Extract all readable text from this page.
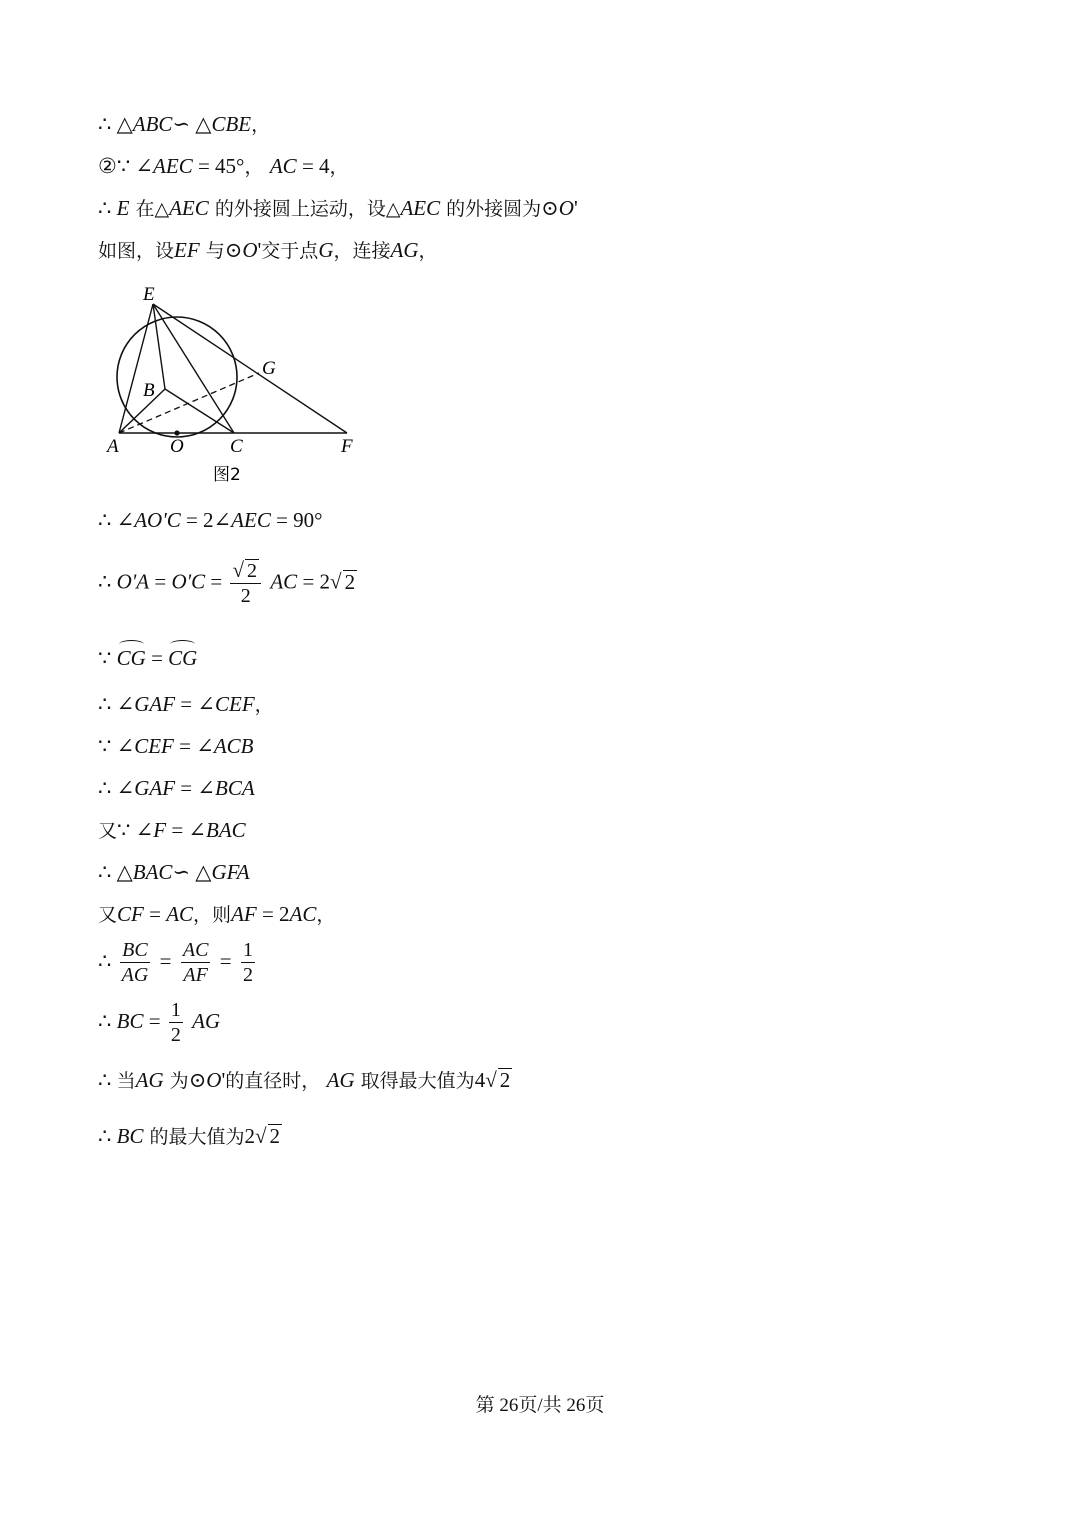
∴ △ABC∽ △CBE，
②∵ ∠AEC = 45°， AC = 4，
∴ E 在△AEC 的外接圆上运动，设△AEC 的外接圆为⊙O'
如图，设EF 与⊙O'交于点G，连接AG，
E
B
G
A	O C	F
图2
∴ ∠AO'C = 2∠AEC = 90°
∴ $O'A = O'C = \frac{√ 2}{2}$ AC = 2√ 2
∵ CG = CG
∴ ∠GAF = ∠CEF，
∵ ∠CEF = ∠ACB
∴ ∠GAF = ∠BCA
又∵ ∠F = ∠BAC
∴ △BAC∽ △GFA
又CF = AC，则AF = 2AC，
∴ $\frac{BC}{AG} = \frac{AC}{AF} = \frac{1}{2}$
∴ BC = $\frac{1}{2}$ AG
∴ 当AG 为⊙O'的直径时， AG 取得最大值为4√ 2
∴ BC 的最大值为2√ 2
第 26页/共 26页
